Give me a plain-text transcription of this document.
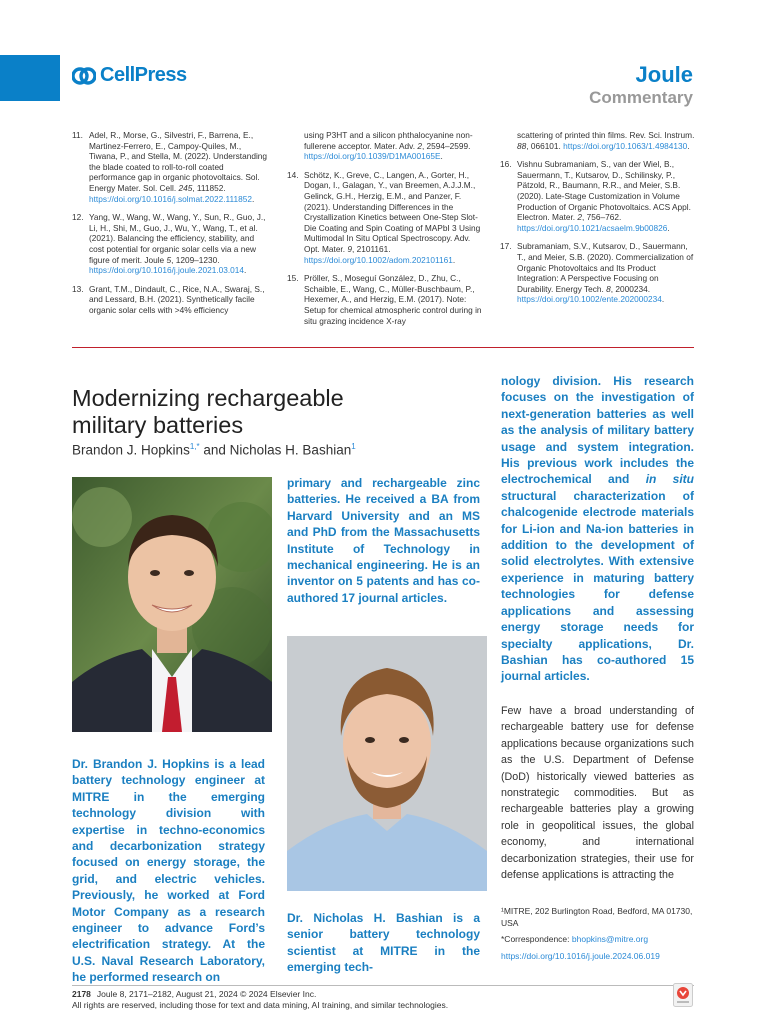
CellPress	Joule
Commentary
11. Adel, R., Morse, G., Silvestri, F., Barrena, E., Martinez-Ferrero, E., Campoy-Quiles, M., Tiwana, P., and Stella, M. (2022). Understanding the blade coated to roll-to-roll coated performance gap in organic photovoltaics. Sol. Energy Mater. Sol. Cell. 245, 111852. https://doi.org/10.1016/j.solmat.2022.111852.
12. Yang, W., Wang, W., Wang, Y., Sun, R., Guo, J., Li, H., Shi, M., Guo, J., Wu, Y., Wang, T., et al. (2021). Balancing the efficiency, stability, and cost potential for organic solar cells via a new figure of merit. Joule 5, 1209–1230. https://doi.org/10.1016/j.joule.2021.03.014.
13. Grant, T.M., Dindault, C., Rice, N.A., Swaraj, S., and Lessard, B.H. (2021). Synthetically facile organic solar cells with >4% efficiency
using P3HT and a silicon phthalocyanine non-fullerene acceptor. Mater. Adv. 2, 2594–2599. https://doi.org/10.1039/D1MA00165E.
14. Schötz, K., Greve, C., Langen, A., Gorter, H., Dogan, I., Galagan, Y., van Breemen, A.J.J.M., Gelinck, G.H., Herzig, E.M., and Panzer, F. (2021). Understanding Differences in the Crystallization Kinetics between One-Step Slot-Die Coating and Spin Coating of MAPbI 3 Using Multimodal In Situ Optical Spectroscopy. Adv. Opt. Mater. 9, 2101161. https://doi.org/10.1002/adom.202101161.
15. Pröller, S., Moseguí González, D., Zhu, C., Schaible, E., Wang, C., Müller-Buschbaum, P., Hexemer, A., and Herzig, E.M. (2017). Note: Setup for chemical atmospheric control during in situ grazing incidence X-ray
scattering of printed thin films. Rev. Sci. Instrum. 88, 066101. https://doi.org/10.1063/1.4984130.
16. Vishnu Subramaniam, S., van der Wiel, B., Sauermann, T., Kutsarov, D., Schilinsky, P., Pätzold, R., Baumann, R.R., and Meier, S.B. (2020). Late-Stage Customization in Volume Production of Organic Photovoltaics. ACS Appl. Electron. Mater. 2, 756–762. https://doi.org/10.1021/acsaelm.9b00826.
17. Subramaniam, S.V., Kutsarov, D., Sauermann, T., and Meier, S.B. (2020). Commercialization of Organic Photovoltaics and Its Product Integration: A Perspective Focusing on Durability. Energy Tech. 8, 2000234. https://doi.org/10.1002/ente.202000234.
Modernizing rechargeable military batteries
Brandon J. Hopkins$^{1,*}$ and Nicholas H. Bashian$^1$
Dr. Brandon J. Hopkins is a lead battery technology engineer at MITRE in the emerging technology division with expertise in techno-economics and decarbonization strategy focused on energy storage, the grid, and electric vehicles. Previously, he worked at Ford Motor Company as a research engineer to advance Ford’s electrification strategy. At the U.S. Naval Research Laboratory, he performed research on
primary and rechargeable zinc batteries. He received a BA from Harvard University and an MS and PhD from the Massachusetts Institute of Technology in mechanical engineering. He is an inventor on 5 patents and has co-authored 17 journal articles.
Dr. Nicholas H. Bashian is a senior battery technology scientist at MITRE in the emerging tech-
nology division. His research focuses on the investigation of next-generation batteries as well as the analysis of military battery usage and system integration. His previous work includes the electrochemical and in situ structural characterization of chalcogenide electrode materials for Li-ion and Na-ion batteries in addition to the development of solid electrolytes. With extensive experience in maturing battery technologies for defense applications and assessing energy storage needs for specialty applications, Dr. Bashian has co-authored 15 journal articles.
Few have a broad understanding of rechargeable battery use for defense applications because organizations such as the U.S. Department of Defense (DoD) historically viewed batteries as nonstrategic commodities. But as rechargeable batteries play a growing role in geopolitical issues, the global economy, and international decarbonization strategies, their use for defense applications is attracting the

¹MITRE, 202 Burlington Road, Bedford, MA 01730, USA

*Correspondence: bhopkins@mitre.org

https://doi.org/10.1016/j.joule.2024.06.019

2178 Joule 8, 2171–2182, August 21, 2024 © 2024 Elsevier Inc.
All rights are reserved, including those for text and data mining, AI training, and similar technologies.
